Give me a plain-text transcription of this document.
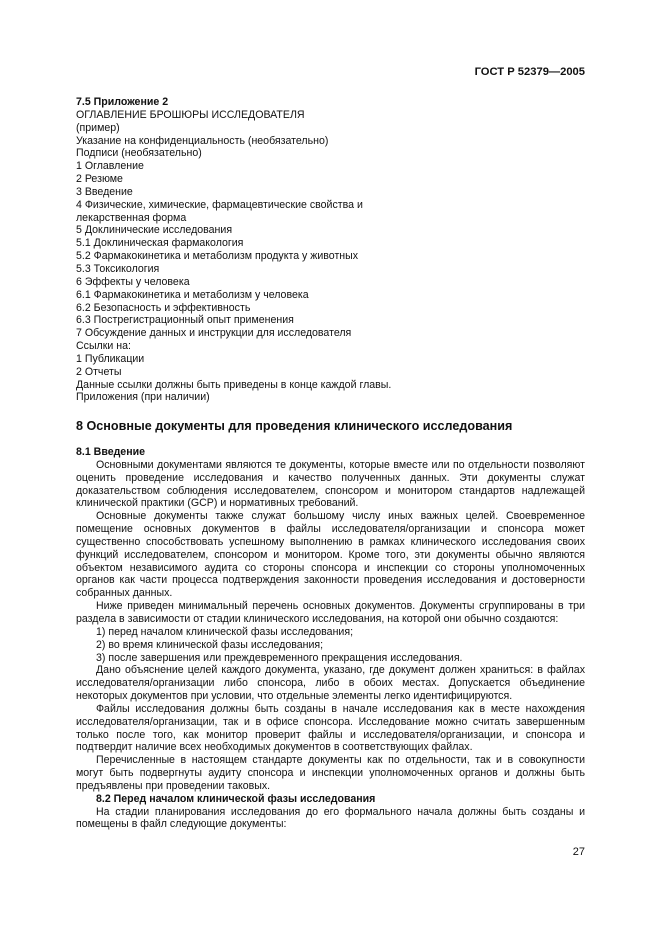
ГОСТ Р 52379—2005
7.5 Приложение 2
ОГЛАВЛЕНИЕ БРОШЮРЫ ИССЛЕДОВАТЕЛЯ
(пример)
Указание на конфиденциальность (необязательно)
Подписи (необязательно)
1 Оглавление
2 Резюме
3 Введение
4 Физические, химические, фармацевтические свойства и
лекарственная форма
5 Доклинические исследования
5.1 Доклиническая фармакология
5.2 Фармакокинетика и метаболизм продукта у животных
5.3 Токсикология
6 Эффекты у человека
6.1 Фармакокинетика и метаболизм у человека
6.2 Безопасность и эффективность
6.3 Пострегистрационный опыт применения
7 Обсуждение данных и инструкции для исследователя
Ссылки на:
1 Публикации
2 Отчеты
Данные ссылки должны быть приведены в конце каждой главы.
Приложения (при наличии)
8 Основные документы для проведения клинического исследования

8.1 Введение

Основными документами являются те документы, которые вместе или по отдельности позволяют оценить проведение исследования и качество полученных данных. Эти документы служат доказательством соблюдения исследователем, спонсором и монитором стандартов надлежащей клинической практики (GCP) и нормативных требований.

Основные документы также служат большому числу иных важных целей. Своевременное помещение основных документов в файлы исследователя/организации и спонсора может существенно способствовать успешному выполнению в рамках клинического исследования своих функций исследователем, спонсором и монитором. Кроме того, эти документы обычно являются объектом независимого аудита со стороны спонсора и инспекции со стороны уполномоченных органов как части процесса подтверждения законности проведения исследования и достоверности собранных данных.

Ниже приведен минимальный перечень основных документов. Документы сгруппированы в три раздела в зависимости от стадии клинического исследования, на которой они обычно создаются:

1) перед началом клинической фазы исследования;

2) во время клинической фазы исследования;

3) после завершения или преждевременного прекращения исследования.

Дано объяснение целей каждого документа, указано, где документ должен храниться: в файлах исследователя/организации либо спонсора, либо в обоих местах. Допускается объединение некоторых документов при условии, что отдельные элементы легко идентифицируются.

Файлы исследования должны быть созданы в начале исследования как в месте нахождения исследователя/организации, так и в офисе спонсора. Исследование можно считать завершенным только после того, как монитор проверит файлы и исследователя/организации, и спонсора и подтвердит наличие всех необходимых документов в соответствующих файлах.

Перечисленные в настоящем стандарте документы как по отдельности, так и в совокупности могут быть подвергнуты аудиту спонсора и инспекции уполномоченных органов и должны быть предъявлены при проведении таковых.

8.2 Перед началом клинической фазы исследования

На стадии планирования исследования до его формального начала должны быть созданы и помещены в файл следующие документы:

27
